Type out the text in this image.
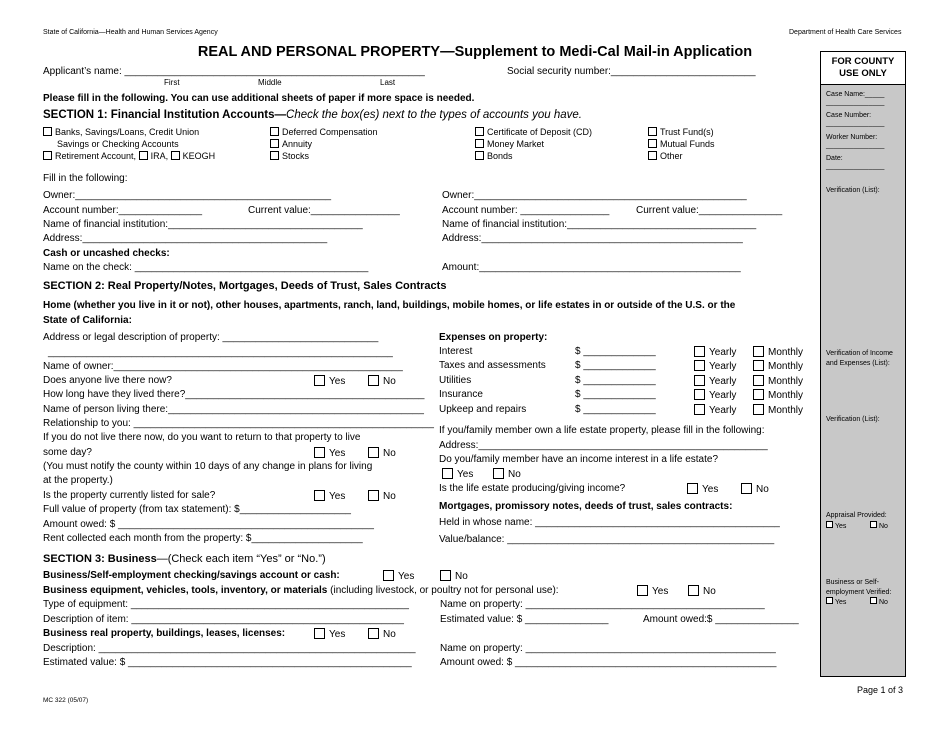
State of California—Health and Human Services Agency	Department of Health Care Services
REAL AND PERSONAL PROPERTY—Supplement to Medi-Cal Mail-in Application
Applicant’s name: ______________________________________________________
First	Middle	Last
Social security number:__________________________
Please fill in the following. You can use additional sheets of paper if more space is needed.
SECTION 1: Financial Institution Accounts—Check the box(es) next to the types of accounts you have.
Banks, Savings/Loans, Credit Union
Savings or Checking Accounts
Retirement Account, IRA, KEOGH
Deferred Compensation
Annuity
Stocks
Certificate of Deposit (CD)
Money Market
Bonds
Trust Fund(s)
Mutual Funds
Other
Fill in the following:
Owner:______________________________________________
Account number:_______________	Current value:________________
Name of financial institution:___________________________________
Address:____________________________________________
Owner:_________________________________________________
Account number: ________________	Current value:_______________
Name of financial institution:__________________________________
Address:_______________________________________________
Cash or uncashed checks:
Name on the check: __________________________________________	Amount:_______________________________________________
SECTION 2: Real Property/Notes, Mortgages, Deeds of Trust, Sales Contracts
Home (whether you live in it or not), other houses, apartments, ranch, land, buildings, mobile homes, or life estates in or outside of the U.S. or the
State of California:
Address or legal description of property: ____________________________
______________________________________________________________
Name of owner:____________________________________________________
Does anyone live there now?	Yes	No
How long have they lived there?___________________________________________
Name of person living there:______________________________________________
Relationship to you: ______________________________________________________
If you do not live there now, do you want to return to that property to live
some day?	Yes	No
(You must notify the county within 10 days of any change in plans for living
at the property.)
Is the property currently listed for sale?	Yes	No
Full value of property (from tax statement): $____________________
Amount owed: $ ______________________________________________
Rent collected each month from the property: $____________________
Expenses on property:
Interest	$ _____________	Yearly	Monthly
Taxes and assessments	$ _____________	Yearly	Monthly
Utilities	$ _____________	Yearly	Monthly
Insurance	$ _____________	Yearly	Monthly
Upkeep and repairs	$ _____________	Yearly	Monthly
If you/family member own a life estate property, please fill in the following:
Address:____________________________________________________
Do you/family member have an income interest in a life estate?
Yes	No
Is the life estate producing/giving income?	Yes	No
Mortgages, promissory notes, deeds of trust, sales contracts:
Held in whose name: ____________________________________________
Value/balance: ________________________________________________
SECTION 3: Business—(Check each item “Yes” or “No.”)
Business/Self-employment checking/savings account or cash:	Yes	No
Business equipment, vehicles, tools, inventory, or materials (including livestock, or poultry not for personal use):	Yes	No
Type of equipment: __________________________________________________
Description of item: _________________________________________________
Name on property: ___________________________________________
Estimated value: $ _______________	Amount owed:$ _______________
Business real property, buildings, leases, licenses:	Yes	No
Description: _________________________________________________________
Estimated value: $ ___________________________________________________
Name on property: _____________________________________________
Amount owed: $ _______________________________________________
MC 322 (05/07)
Page 1 of 3
FOR COUNTY USE ONLY
Case Name:_____
_______________
Case Number:
_______________
Worker Number:
_______________
Date:
_______________
Verification (List):
Verification of Income and Expenses (List):
Verification (List):
Appraisal Provided:
Yes	No
Business or Self-employment Verified:
Yes	No
